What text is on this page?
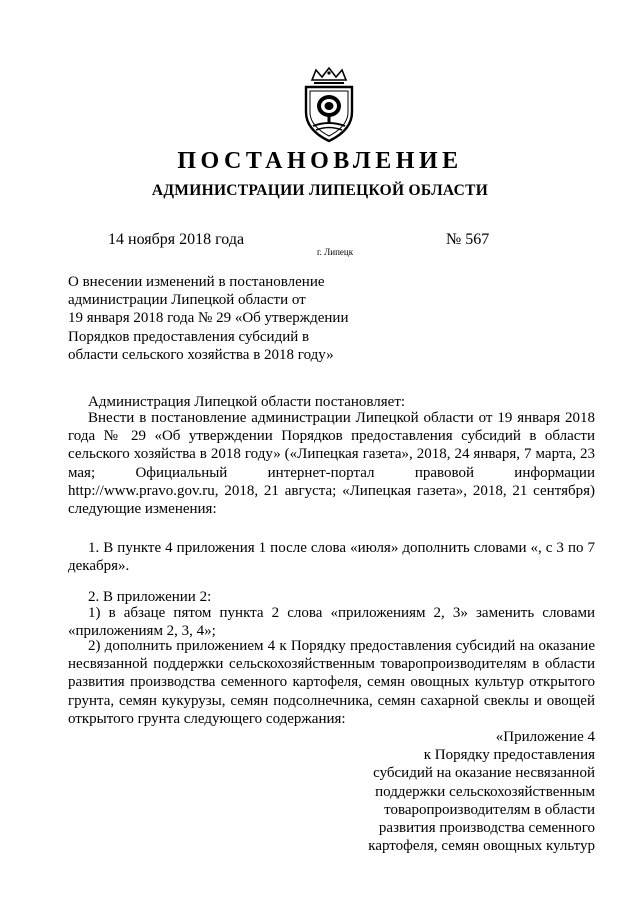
ПОСТАНОВЛЕНИЕ
АДМИНИСТРАЦИИ ЛИПЕЦКОЙ ОБЛАСТИ
14 ноября 2018 года
г. Липецк
№ 567
О внесении изменений в постановление
администрации Липецкой области от
19 января 2018 года № 29 «Об утверждении
Порядков предоставления субсидий в
области сельского хозяйства в 2018 году»
Администрация Липецкой области постановляет:
Внести в постановление администрации Липецкой области от 19 января 2018 года № 29 «Об утверждении Порядков предоставления субсидий в области сельского хозяйства в 2018 году» («Липецкая газета», 2018, 24 января, 7 марта, 23 мая; Официальный интернет-портал правовой информации http://www.pravo.gov.ru, 2018, 21 августа; «Липецкая газета», 2018, 21 сентября) следующие изменения:
1. В пункте 4 приложения 1 после слова «июля» дополнить словами «, с 3 по 7 декабря».
2. В приложении 2:
1) в абзаце пятом пункта 2 слова «приложениям 2, 3» заменить словами «приложениям 2, 3, 4»;
2) дополнить приложением 4 к Порядку предоставления субсидий на оказание несвязанной поддержки сельскохозяйственным товаропроизводителям в области развития производства семенного картофеля, семян овощных культур открытого грунта, семян кукурузы, семян подсолнечника, семян сахарной свеклы и овощей открытого грунта следующего содержания:
«Приложение 4
к Порядку предоставления
субсидий на оказание несвязанной
поддержки сельскохозяйственным
товаропроизводителям в области
развития производства семенного
картофеля, семян овощных культур
